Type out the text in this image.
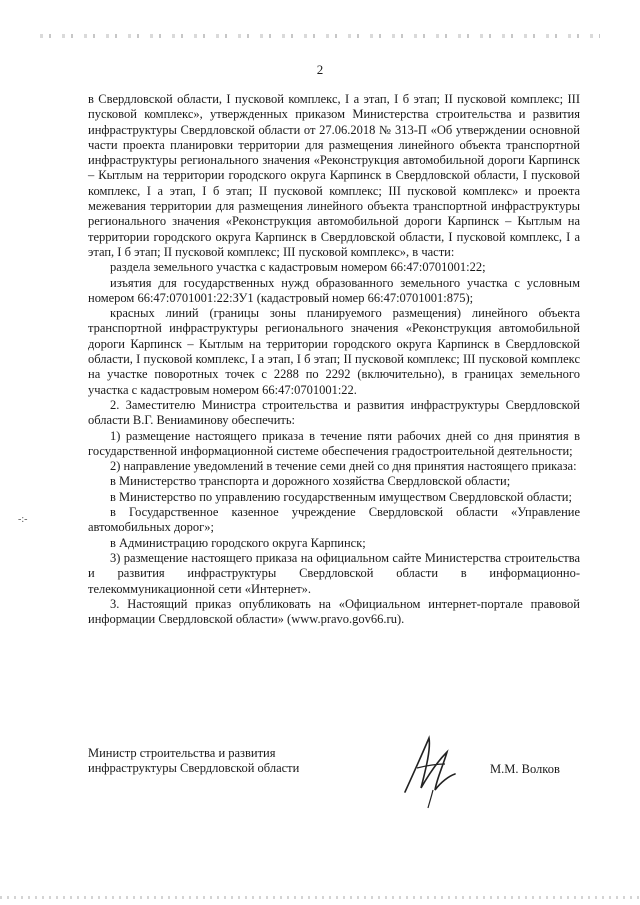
2

в Свердловской области, I пусковой комплекс, I а этап, I б этап; II пусковой комплекс; III пусковой комплекс», утвержденных приказом Министерства строительства и развития инфраструктуры Свердловской области от 27.06.2018 № 313-П «Об утверждении основной части проекта планировки территории для размещения линейного объекта транспортной инфраструктуры регионального значения «Реконструкция автомобильной дороги Карпинск – Кытлым на территории городского округа Карпинск в Свердловской области, I пусковой комплекс, I а этап, I б этап; II пусковой комплекс; III пусковой комплекс» и проекта межевания территории для размещения линейного объекта транспортной инфраструктуры регионального значения «Реконструкция автомобильной дороги Карпинск – Кытлым на территории городского округа Карпинск в Свердловской области, I пусковой комплекс, I а этап, I б этап; II пусковой комплекс; III пусковой комплекс», в части:

раздела земельного участка с кадастровым номером 66:47:0701001:22;

изъятия для государственных нужд образованного земельного участка с условным номером 66:47:0701001:22:ЗУ1 (кадастровый номер 66:47:0701001:875);

красных линий (границы зоны планируемого размещения) линейного объекта транспортной инфраструктуры регионального значения «Реконструкция автомобильной дороги Карпинск – Кытлым на территории городского округа Карпинск в Свердловской области, I пусковой комплекс, I а этап, I б этап; II пусковой комплекс; III пусковой комплекс на участке поворотных точек с 2288 по 2292 (включительно), в границах земельного участка с кадастровым номером 66:47:0701001:22.

2. Заместителю Министра строительства и развития инфраструктуры Свердловской области В.Г. Вениаминову обеспечить:

1) размещение настоящего приказа в течение пяти рабочих дней со дня принятия в государственной информационной системе обеспечения градостроительной деятельности;

2) направление уведомлений в течение семи дней со дня принятия настоящего приказа:

в Министерство транспорта и дорожного хозяйства Свердловской области;

в Министерство по управлению государственным имуществом Свердловской области;

в Государственное казенное учреждение Свердловской области «Управление автомобильных дорог»;

в Администрацию городского округа Карпинск;

3) размещение настоящего приказа на официальном сайте Министерства строительства и развития инфраструктуры Свердловской области в информационно-телекоммуникационной сети «Интернет».

3. Настоящий приказ опубликовать на «Официальном интернет-портале правовой информации Свердловской области» (www.pravo.gov66.ru).

-:-
Министр строительства и развития
инфраструктуры Свердловской области	М.М. Волков
